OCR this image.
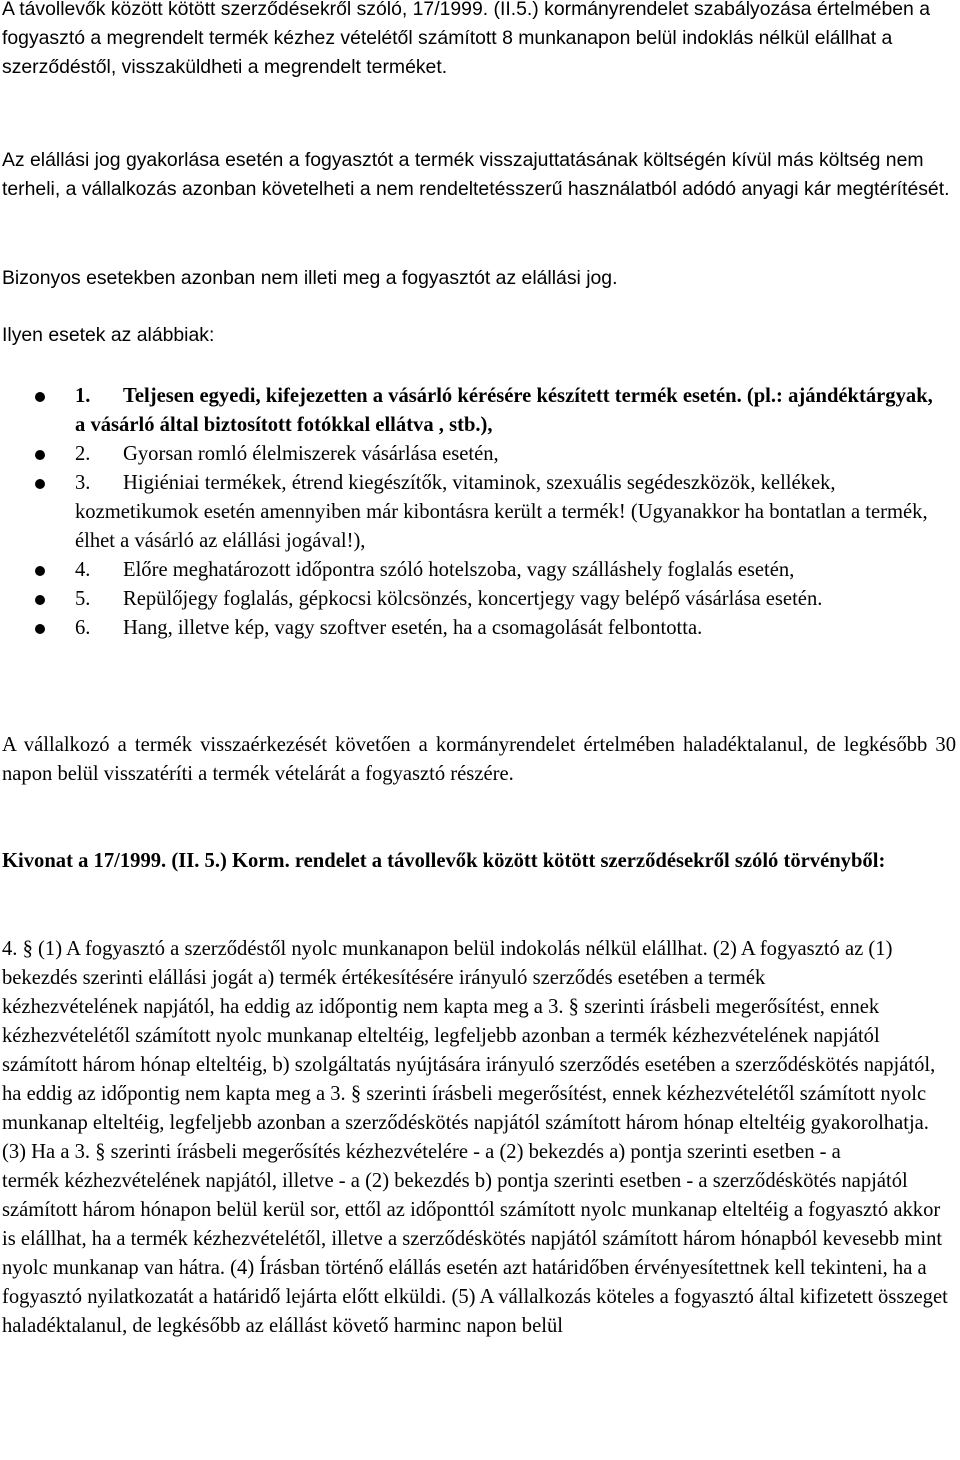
A távollevők között kötött szerződésekről szóló, 17/1999. (II.5.) kormányrendelet szabályozása értelmében a fogyasztó a megrendelt termék kézhez vételétől számított 8 munkanapon belül indoklás nélkül elállhat a szerződéstől, visszaküldheti a megrendelt terméket.

Az elállási jog gyakorlása esetén a fogyasztót a termék visszajuttatásának költségén kívül más költség nem terheli, a vállalkozás azonban követelheti a nem rendeltetésszerű használatból adódó anyagi kár megtérítését.

Bizonyos esetekben azonban nem illeti meg a fogyasztót az elállási jog.

Ilyen esetek az alábbiak:

1. Teljesen egyedi, kifejezetten a vásárló kérésére készített termék esetén. (pl.: ajándéktárgyak, a vásárló által biztosított fotókkal ellátva , stb.),
2. Gyorsan romló élelmiszerek vásárlása esetén,
3. Higiéniai termékek, étrend kiegészítők, vitaminok, szexuális segédeszközök, kellékek, kozmetikumok esetén amennyiben már kibontásra került a termék! (Ugyanakkor ha bontatlan a termék, élhet a vásárló az elállási jogával!),
4. Előre meghatározott időpontra szóló hotelszoba, vagy szálláshely foglalás esetén,
5. Repülőjegy foglalás, gépkocsi kölcsönzés, koncertjegy vagy belépő vásárlása esetén.
6. Hang, illetve kép, vagy szoftver esetén, ha a csomagolását felbontotta.

A vállalkozó a termék visszaérkezését követően a kormányrendelet értelmében haladéktalanul, de legkésőbb 30 napon belül visszatéríti a termék vételárát a fogyasztó részére.

Kivonat a 17/1999. (II. 5.) Korm. rendelet a távollevők között kötött szerződésekről szóló törvényből:

4. § (1) A fogyasztó a szerződéstől nyolc munkanapon belül indokolás nélkül elállhat. (2) A fogyasztó az (1) bekezdés szerinti elállási jogát a) termék értékesítésére irányuló szerződés esetében a termék
kézhezvételének napjától, ha eddig az időpontig nem kapta meg a 3. § szerinti írásbeli megerősítést, ennek kézhezvételétől számított nyolc munkanap elteltéig, legfeljebb azonban a termék kézhezvételének napjától számított három hónap elteltéig, b) szolgáltatás nyújtására irányuló szerződés esetében a szerződéskötés napjától, ha eddig az időpontig nem kapta meg a 3. § szerinti írásbeli megerősítést, ennek kézhezvételétől számított nyolc munkanap elteltéig, legfeljebb azonban a szerződéskötés napjától számított három hónap elteltéig gyakorolhatja. (3) Ha a 3. § szerinti írásbeli megerősítés kézhezvételére - a (2) bekezdés a) pontja szerinti esetben - a
termék kézhezvételének napjától, illetve - a (2) bekezdés b) pontja szerinti esetben - a szerződéskötés napjától számított három hónapon belül kerül sor, ettől az időponttól számított nyolc munkanap elteltéig a fogyasztó akkor is elállhat, ha a termék kézhezvételétől, illetve a szerződéskötés napjától számított három hónapból kevesebb mint nyolc munkanap van hátra. (4) Írásban történő elállás esetén azt határidőben érvényesítettnek kell tekinteni, ha a fogyasztó nyilatkozatát a határidő lejárta előtt elküldi. (5) A vállalkozás köteles a fogyasztó által kifizetett összeget haladéktalanul, de legkésőbb az elállást követő harminc napon belül
